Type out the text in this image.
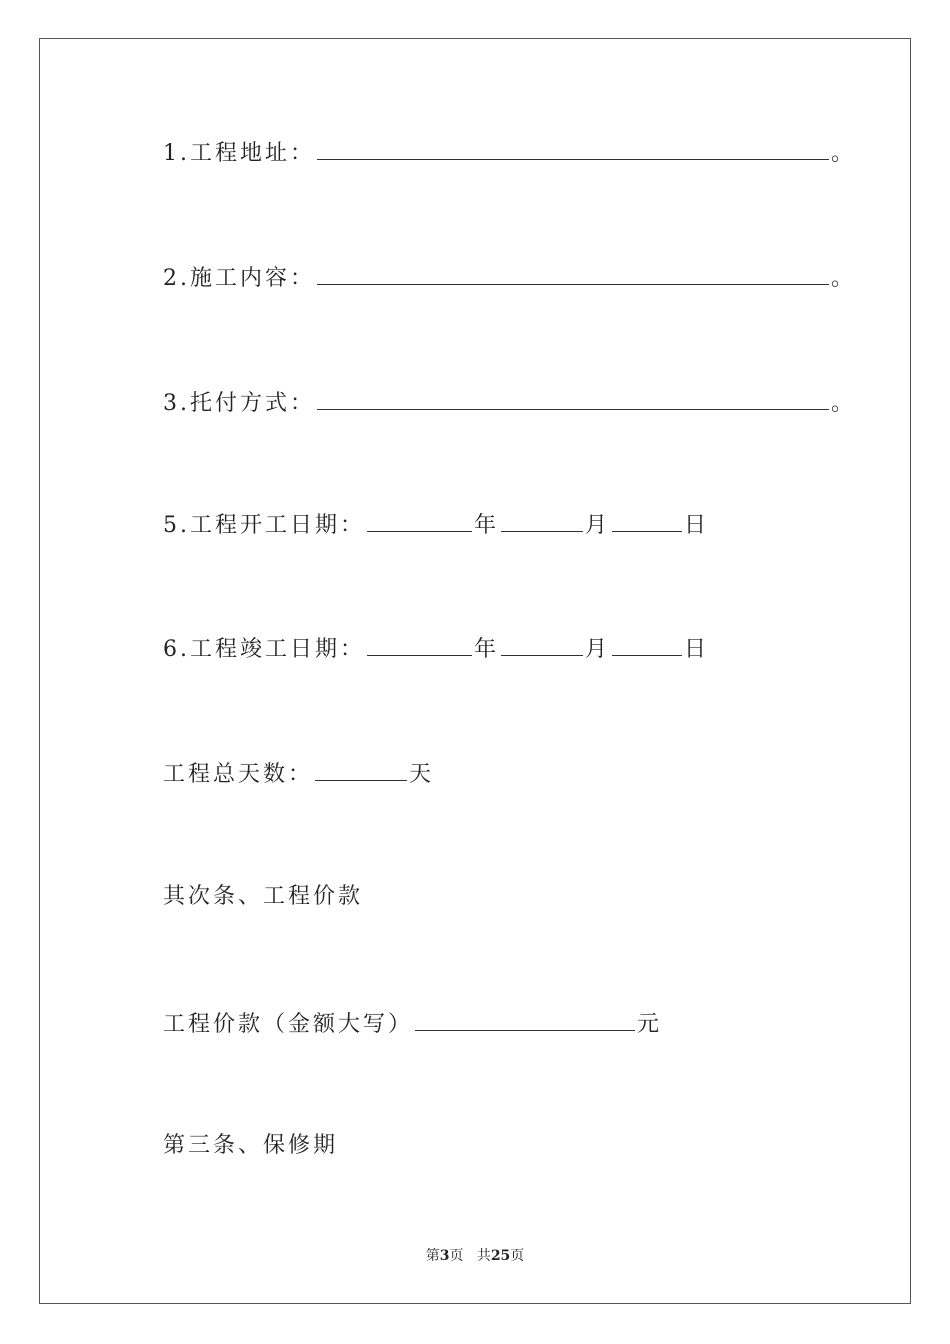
1.工程地址：	。
2.施工内容：	。
3.托付方式：	。
5.工程开工日期：	年	月	日
6.工程竣工日期：	年	月	日
工程总天数：	天
其次条、工程价款
工程价款（金额大写）	元
第三条、保修期
第3页 共25页
